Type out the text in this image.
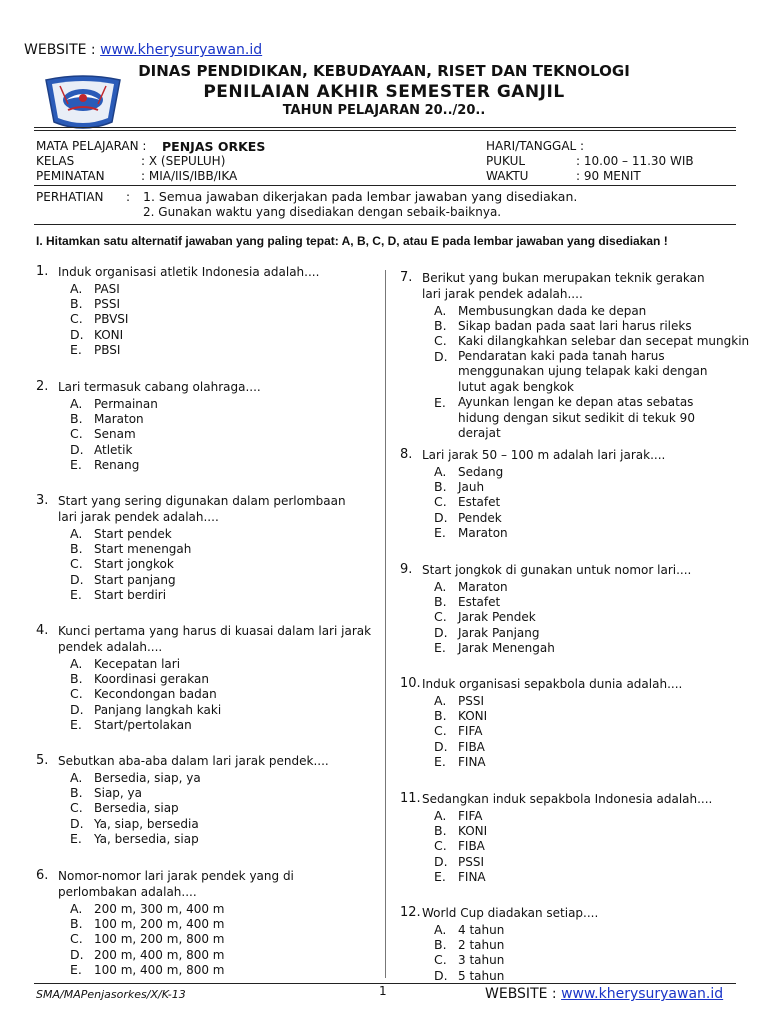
WEBSITE : www.kherysuryawan.id
DINAS PENDIDIKAN, KEBUDAYAAN, RISET DAN TEKNOLOGI
PENILAIAN AKHIR SEMESTER GANJIL
TAHUN PELAJARAN 20../20..
MATA PELAJARAN : PENJAS ORKES
KELAS	: X (SEPULUH)
PEMINATAN	: MIA/IIS/IBB/IKA
HARI/TANGGAL :
PUKUL	: 10.00 – 11.30 WIB
WAKTU	: 90 MENIT
PERHATIAN : 1. Semua jawaban dikerjakan pada lembar jawaban yang disediakan.
2. Gunakan waktu yang disediakan dengan sebaik-baiknya.
I. Hitamkan satu alternatif jawaban yang paling tepat: A, B, C, D, atau E pada lembar jawaban yang disediakan !
1. Induk organisasi atletik Indonesia adalah....
A. PASI
B. PSSI
C. PBVSI
D. KONI
E. PBSI
2. Lari termasuk cabang olahraga....
A. Permainan
B. Maraton
C. Senam
D. Atletik
E. Renang
3. Start yang sering digunakan dalam perlombaan
lari jarak pendek adalah....
A. Start pendek
B. Start menengah
C. Start jongkok
D. Start panjang
E. Start berdiri
4. Kunci pertama yang harus di kuasai dalam lari jarak
pendek adalah....
A. Kecepatan lari
B. Koordinasi gerakan
C. Kecondongan badan
D. Panjang langkah kaki
E. Start/pertolakan
5. Sebutkan aba-aba dalam lari jarak pendek....
A. Bersedia, siap, ya
B. Siap, ya
C. Bersedia, siap
D. Ya, siap, bersedia
E. Ya, bersedia, siap
6. Nomor-nomor lari jarak pendek yang di
perlombakan adalah....
A. 200 m, 300 m, 400 m
B. 100 m, 200 m, 400 m
C. 100 m, 200 m, 800 m
D. 200 m, 400 m, 800 m
E. 100 m, 400 m, 800 m
7. Berikut yang bukan merupakan teknik gerakan
lari jarak pendek adalah....
A. Membusungkan dada ke depan
B. Sikap badan pada saat lari harus rileks
C. Kaki dilangkahkan selebar dan secepat mungkin
D. Pendaratan kaki pada tanah harus menggunakan ujung telapak kaki dengan lutut agak bengkok
E. Ayunkan lengan ke depan atas sebatas hidung dengan sikut sedikit di tekuk 90 derajat
8. Lari jarak 50 – 100 m adalah lari jarak....
A. Sedang
B. Jauh
C. Estafet
D. Pendek
E. Maraton
9. Start jongkok di gunakan untuk nomor lari....
A. Maraton
B. Estafet
C. Jarak Pendek
D. Jarak Panjang
E. Jarak Menengah
10. Induk organisasi sepakbola dunia adalah....
A. PSSI
B. KONI
C. FIFA
D. FIBA
E. FINA
11. Sedangkan induk sepakbola Indonesia adalah....
A. FIFA
B. KONI
C. FIBA
D. PSSI
E. FINA
12. World Cup diadakan setiap....
A. 4 tahun
B. 2 tahun
C. 3 tahun
D. 5 tahun
SMA/MAPenjasorkes/X/K-13	1	WEBSITE : www.kherysuryawan.id
